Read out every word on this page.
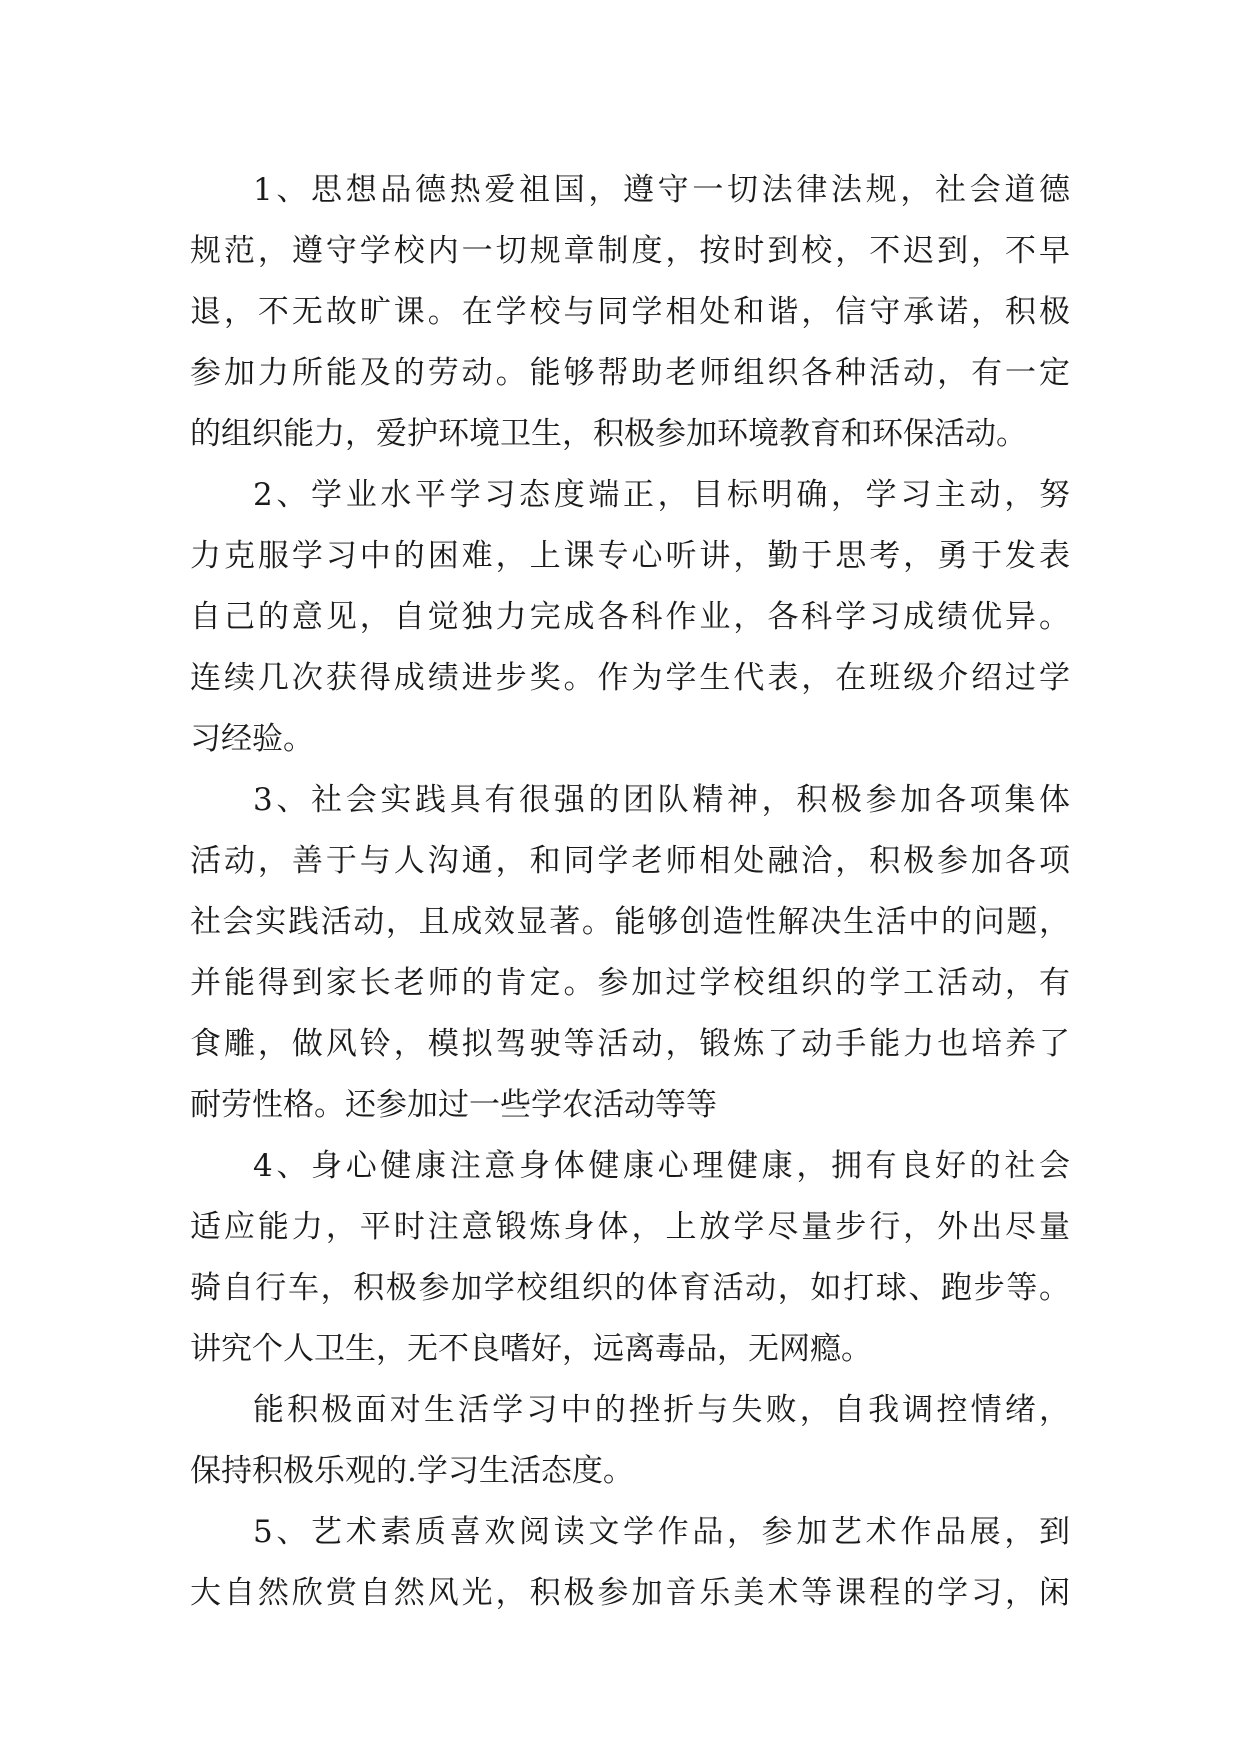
1、思想品德热爱祖国，遵守一切法律法规，社会道德
规范，遵守学校内一切规章制度，按时到校，不迟到，不早
退，不无故旷课。在学校与同学相处和谐，信守承诺，积极
参加力所能及的劳动。能够帮助老师组织各种活动，有一定
的组织能力，爱护环境卫生，积极参加环境教育和环保活动。
2、学业水平学习态度端正，目标明确，学习主动，努
力克服学习中的困难，上课专心听讲，勤于思考，勇于发表
自己的意见，自觉独力完成各科作业，各科学习成绩优异。
连续几次获得成绩进步奖。作为学生代表，在班级介绍过学
习经验。
3、社会实践具有很强的团队精神，积极参加各项集体
活动，善于与人沟通，和同学老师相处融洽，积极参加各项
社会实践活动，且成效显著。能够创造性解决生活中的问题，
并能得到家长老师的肯定。参加过学校组织的学工活动，有
食雕，做风铃，模拟驾驶等活动，锻炼了动手能力也培养了
耐劳性格。还参加过一些学农活动等等
4、身心健康注意身体健康心理健康，拥有良好的社会
适应能力，平时注意锻炼身体，上放学尽量步行，外出尽量
骑自行车，积极参加学校组织的体育活动，如打球、跑步等。
讲究个人卫生，无不良嗜好，远离毒品，无网瘾。
能积极面对生活学习中的挫折与失败，自我调控情绪，
保持积极乐观的.学习生活态度。
5、艺术素质喜欢阅读文学作品，参加艺术作品展，到
大自然欣赏自然风光，积极参加音乐美术等课程的学习，闲
